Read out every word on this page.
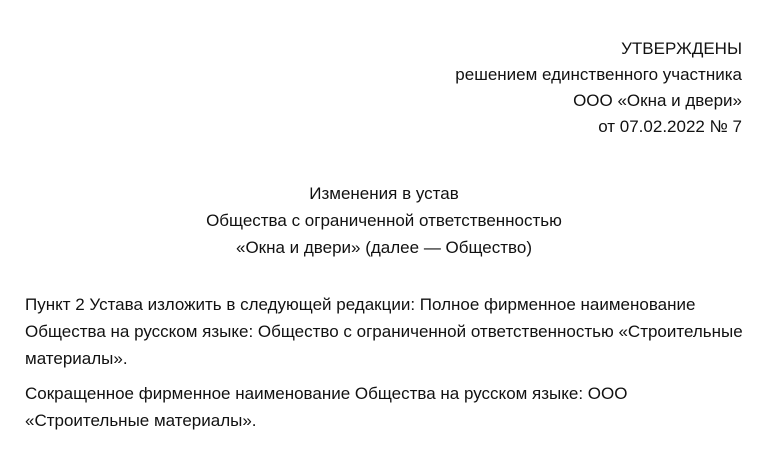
УТВЕРЖДЕНЫ
решением единственного участника
ООО «Окна и двери»
от 07.02.2022 № 7
Изменения в устав
Общества с ограниченной ответственностью
«Окна и двери» (далее — Общество)

Пункт 2 Устава изложить в следующей редакции: Полное фирменное наименование Общества на русском языке: Общество с ограниченной ответственностью «Строительные материалы».

Сокращенное фирменное наименование Общества на русском языке: ООО «Строительные материалы».
